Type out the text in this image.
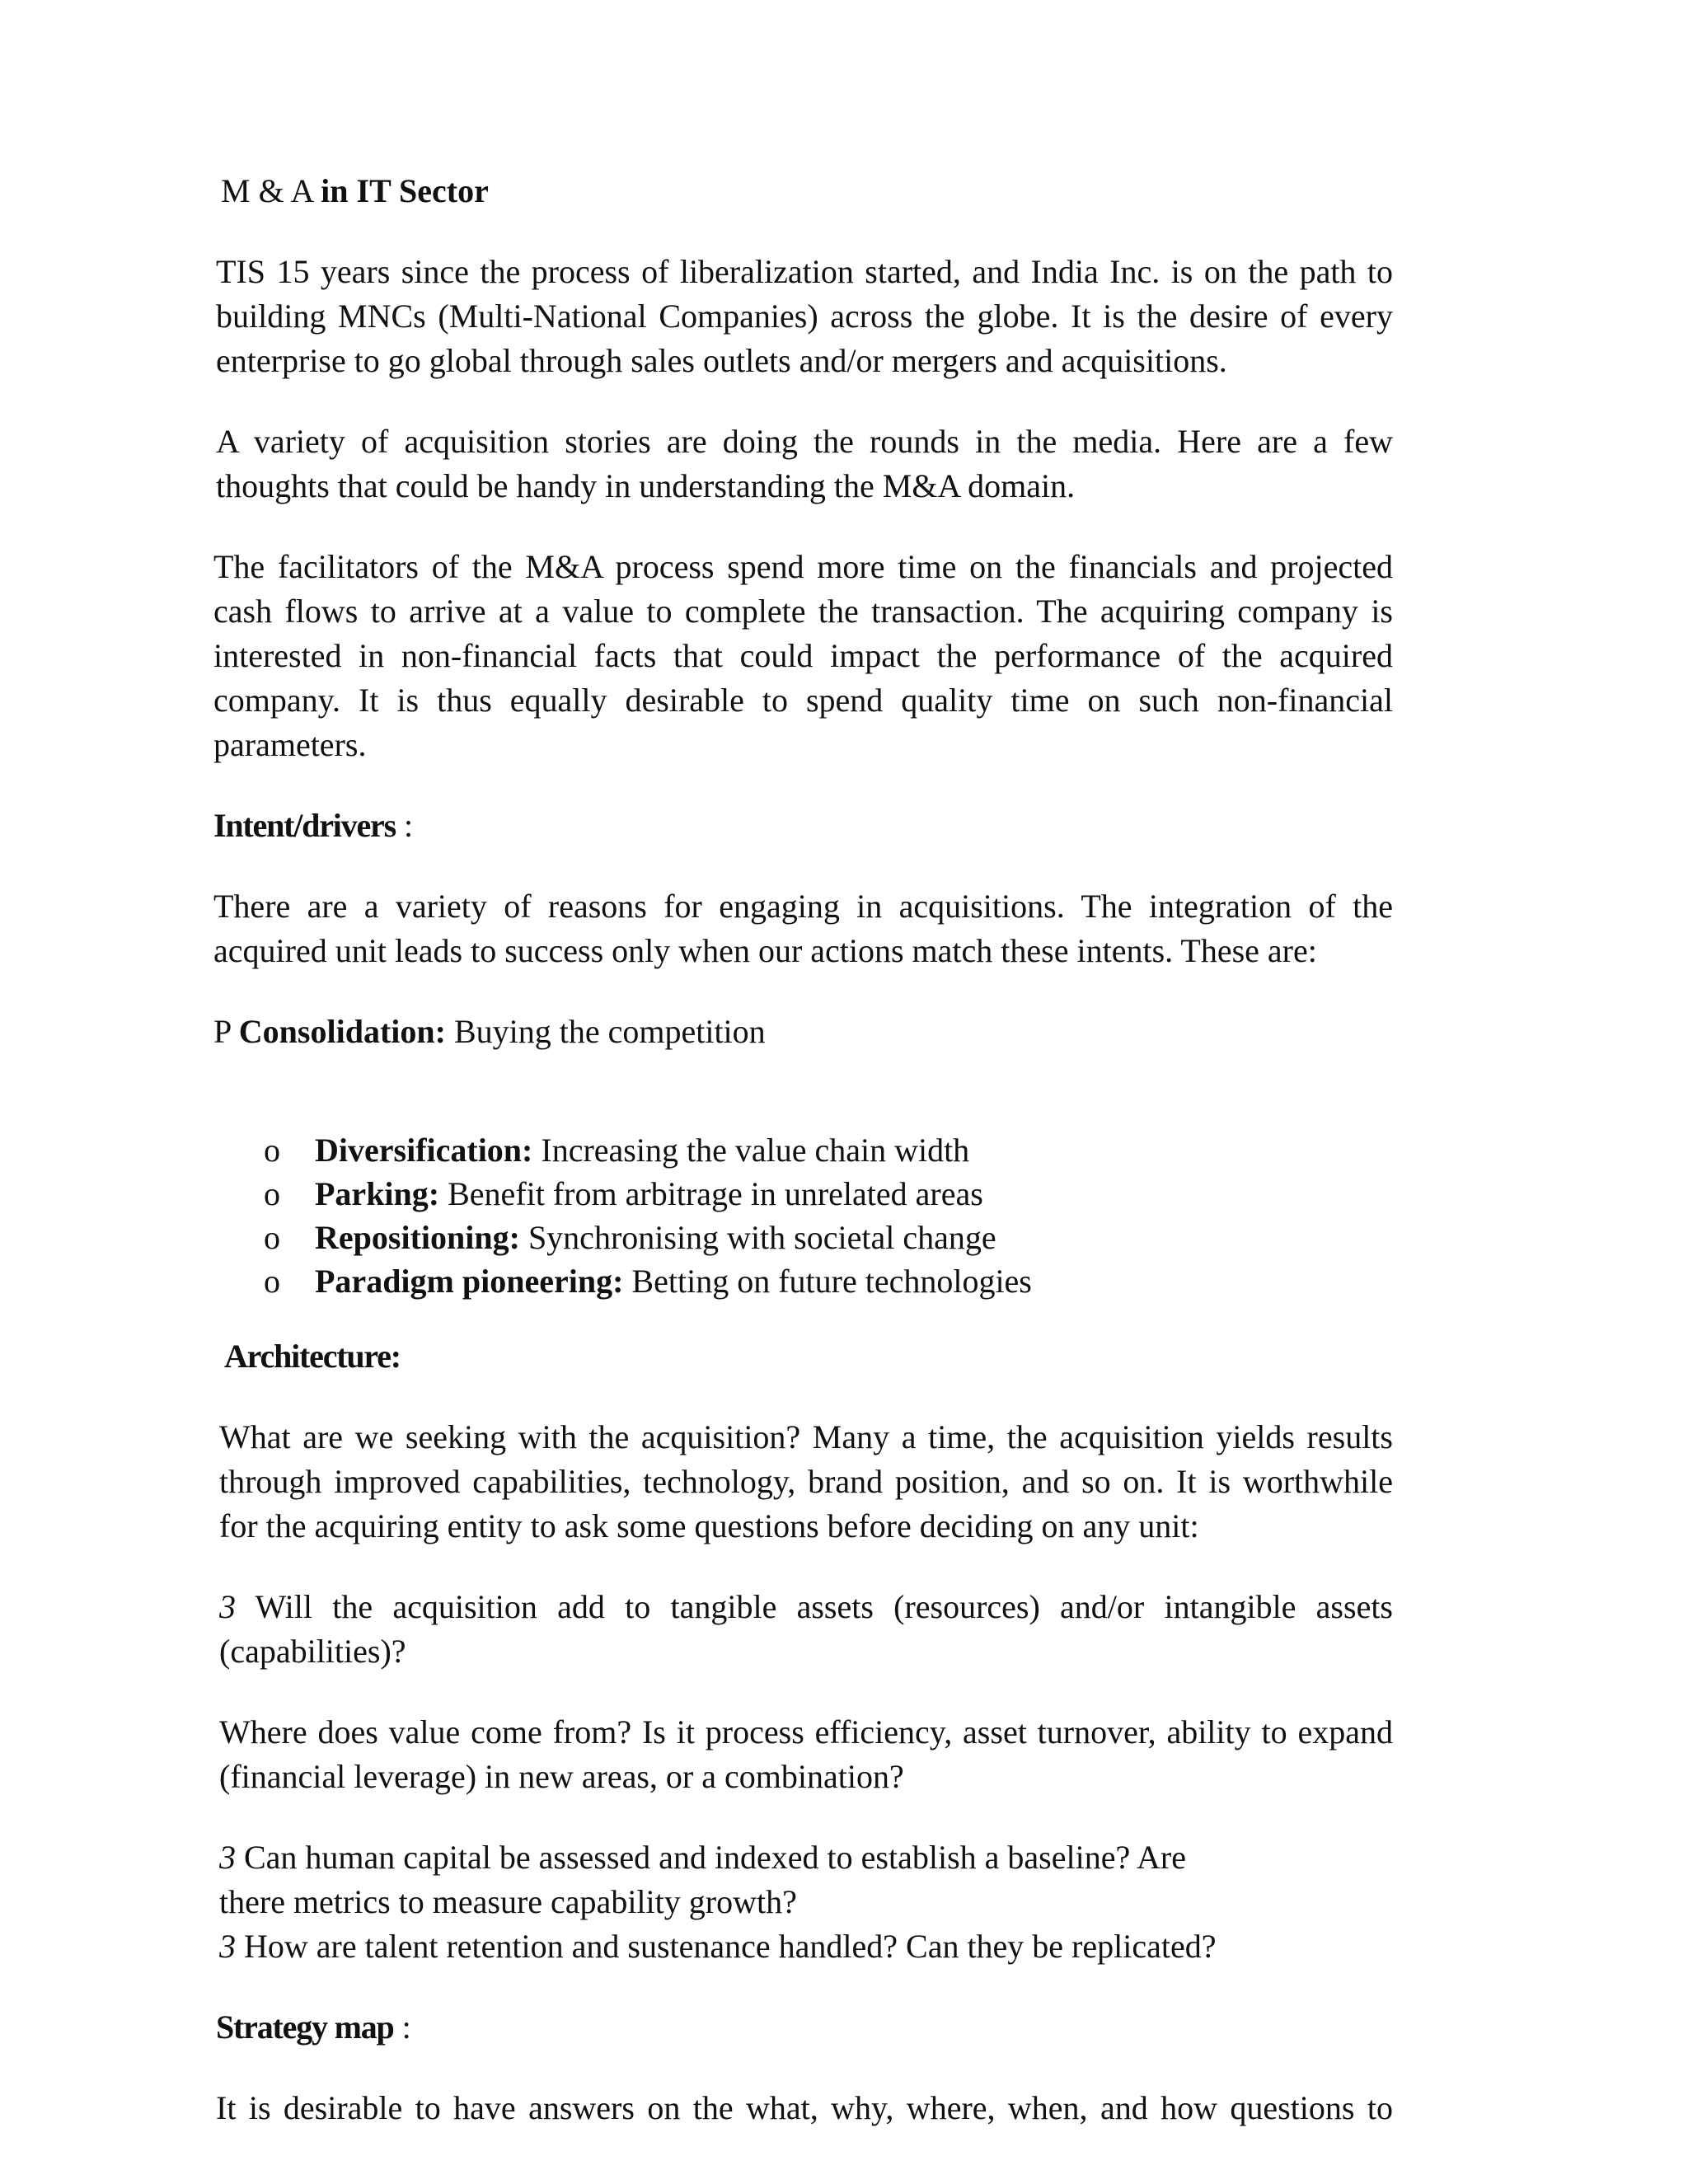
M & A in IT Sector

TIS 15 years since the process of liberalization started, and India Inc. is on the path to building MNCs (Multi-National Companies) across the globe. It is the desire of every enterprise to go global through sales outlets and/or mergers and acquisitions.

A variety of acquisition stories are doing the rounds in the media. Here are a few thoughts that could be handy in understanding the M&A domain.

The facilitators of the M&A process spend more time on the financials and projected cash flows to arrive at a value to complete the transaction. The acquiring company is interested in non-financial facts that could impact the performance of the acquired company. It is thus equally desirable to spend quality time on such non-financial parameters.

Intent/drivers :

There are a variety of reasons for engaging in acquisitions. The integration of the acquired unit leads to success only when our actions match these intents. These are:

P Consolidation: Buying the competition

o Diversification: Increasing the value chain width
o Parking: Benefit from arbitrage in unrelated areas
o Repositioning: Synchronising with societal change
o Paradigm pioneering: Betting on future technologies

Architecture:

What are we seeking with the acquisition? Many a time, the acquisition yields results through improved capabilities, technology, brand position, and so on. It is worthwhile for the acquiring entity to ask some questions before deciding on any unit:

3 Will the acquisition add to tangible assets (resources) and/or intangible assets (capabilities)?

Where does value come from? Is it process efficiency, asset turnover, ability to expand (financial leverage) in new areas, or a combination?

3 Can human capital be assessed and indexed to establish a baseline? Are
there metrics to measure capability growth?

3 How are talent retention and sustenance handled? Can they be replicated?

Strategy map :

It is desirable to have answers on the what, why, where, when, and how questions to
